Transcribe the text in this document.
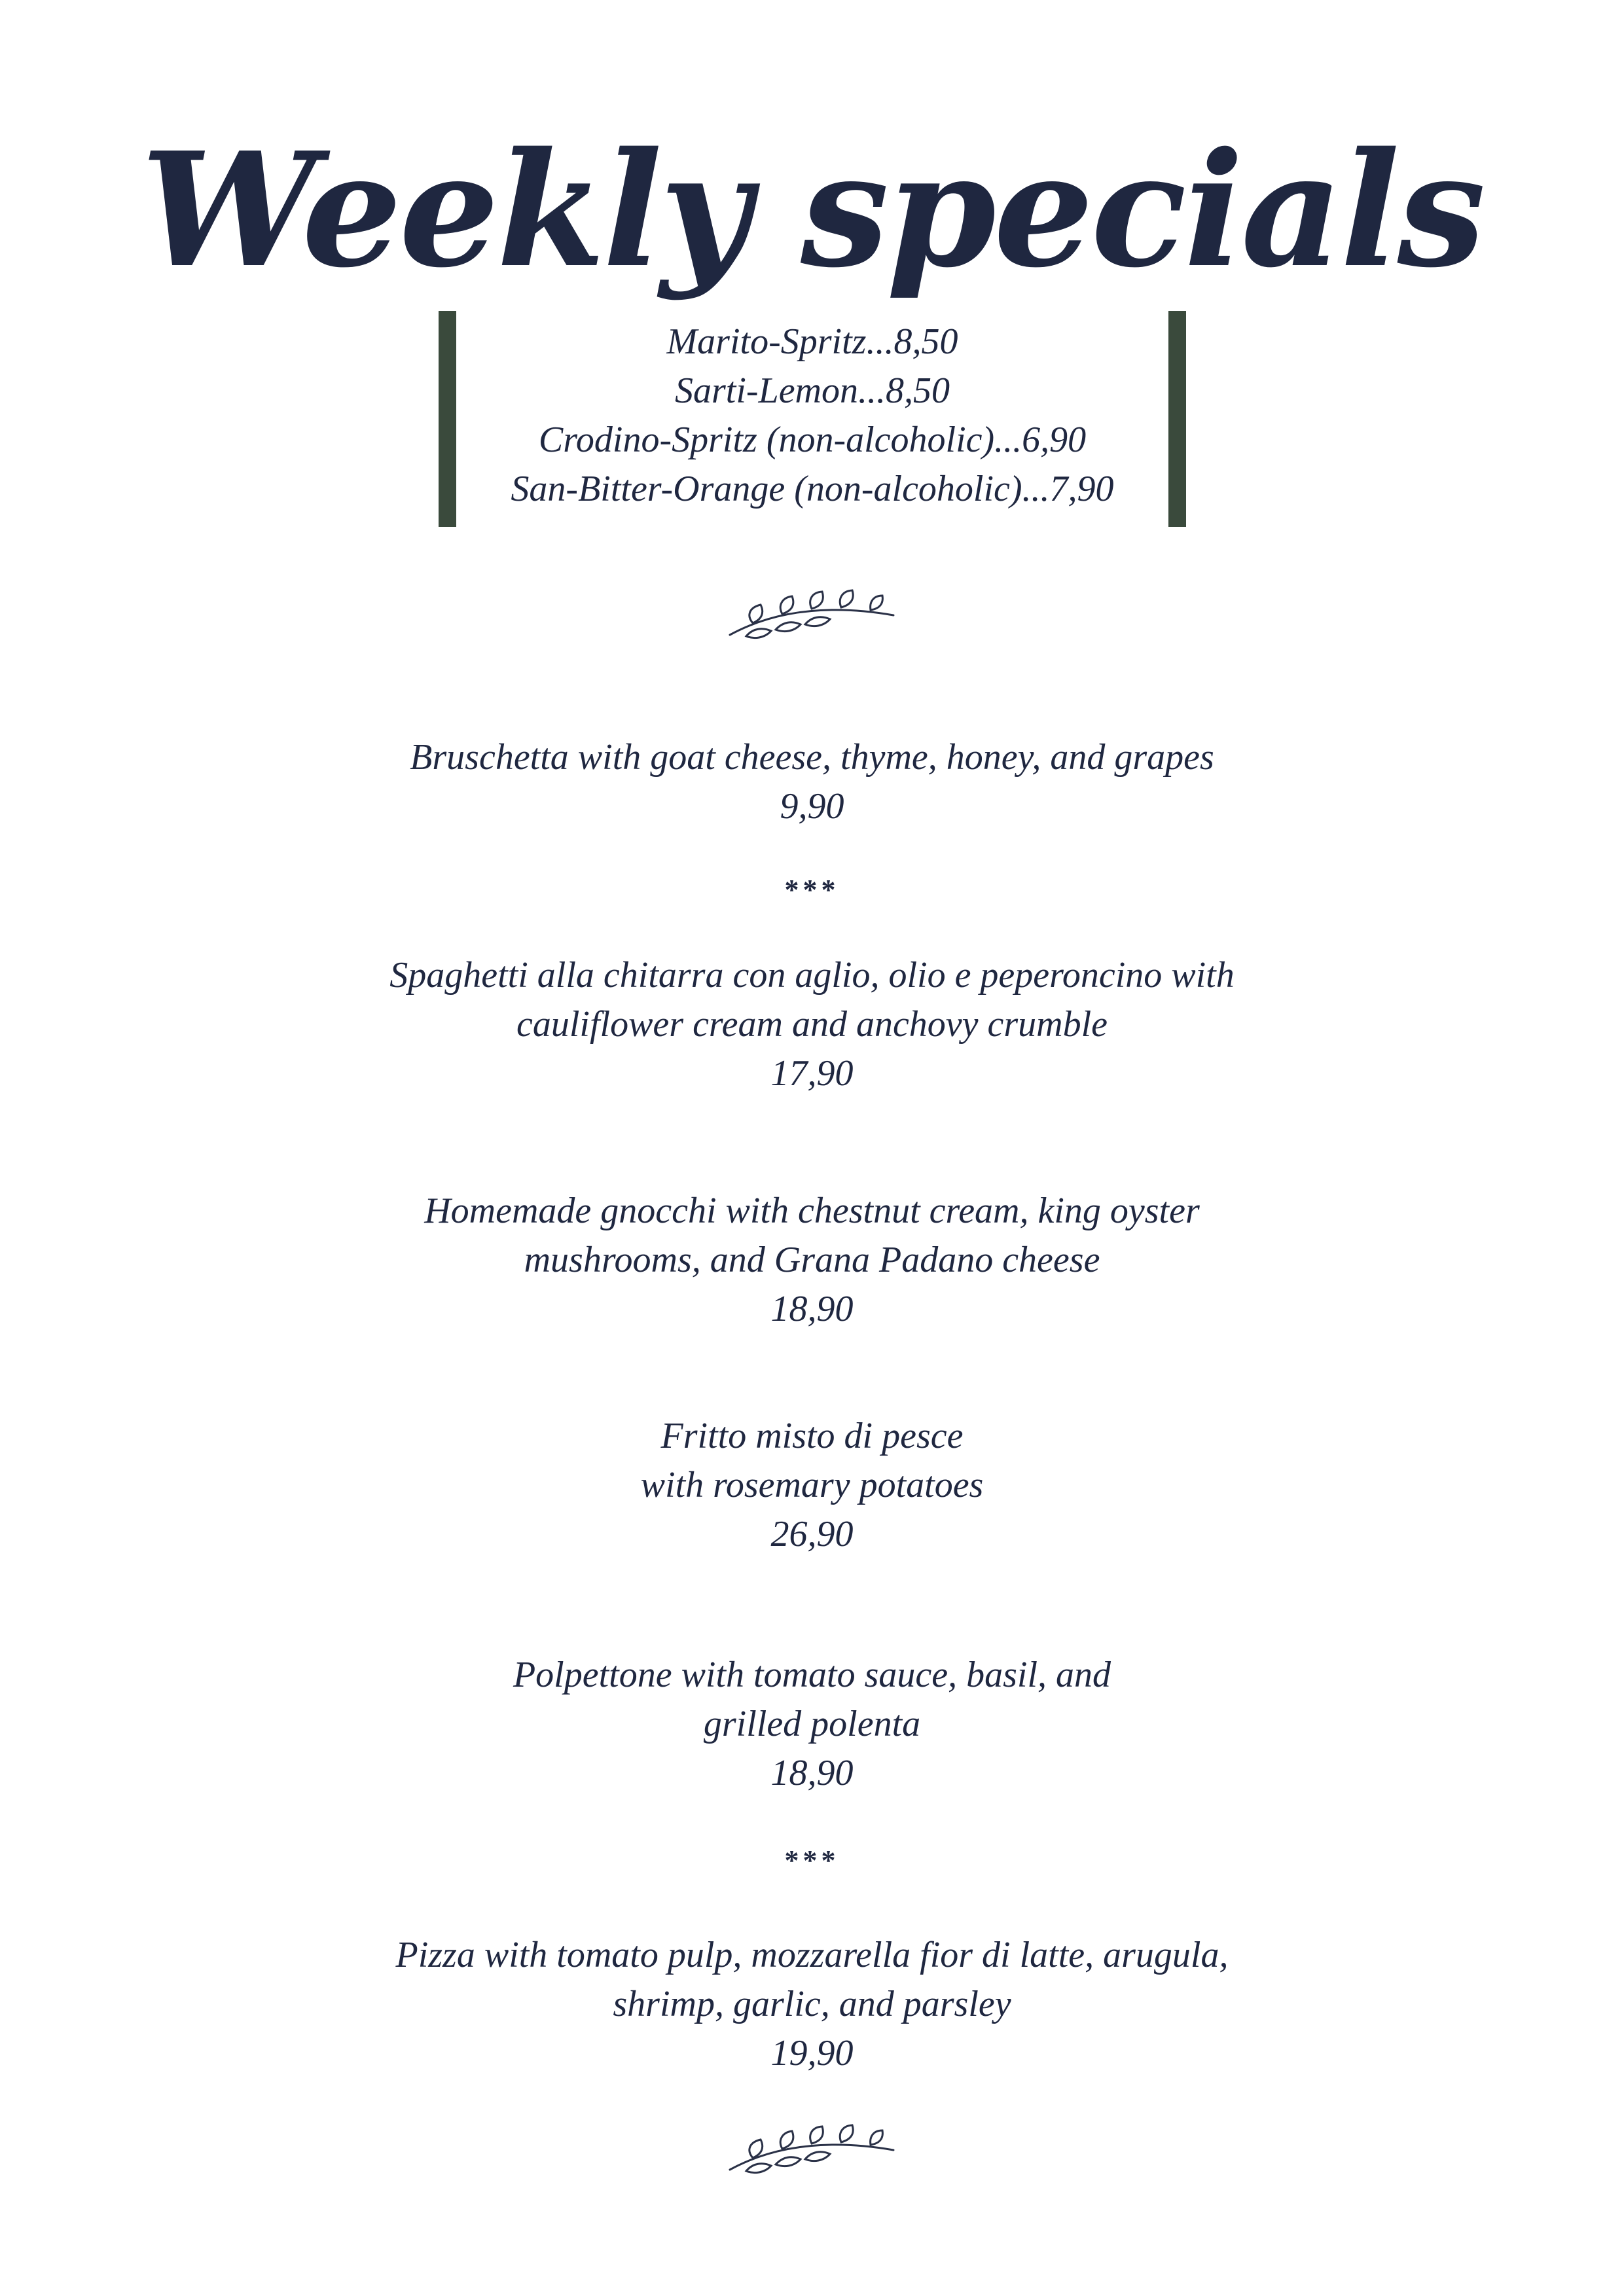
Weekly specials
Marito-Spritz...8,50
Sarti-Lemon...8,50
Crodino-Spritz (non-alcoholic)...6,90
San-Bitter-Orange (non-alcoholic)...7,90
Bruschetta with goat cheese, thyme, honey, and grapes
9,90
***
Spaghetti alla chitarra con aglio, olio e peperoncino with
cauliflower cream and anchovy crumble
17,90
Homemade gnocchi with chestnut cream, king oyster
mushrooms, and Grana Padano cheese
18,90
Fritto misto di pesce
with rosemary potatoes
26,90
Polpettone with tomato sauce, basil, and
grilled polenta
18,90
***
Pizza with tomato pulp, mozzarella fior di latte, arugula,
shrimp, garlic, and parsley
19,90
